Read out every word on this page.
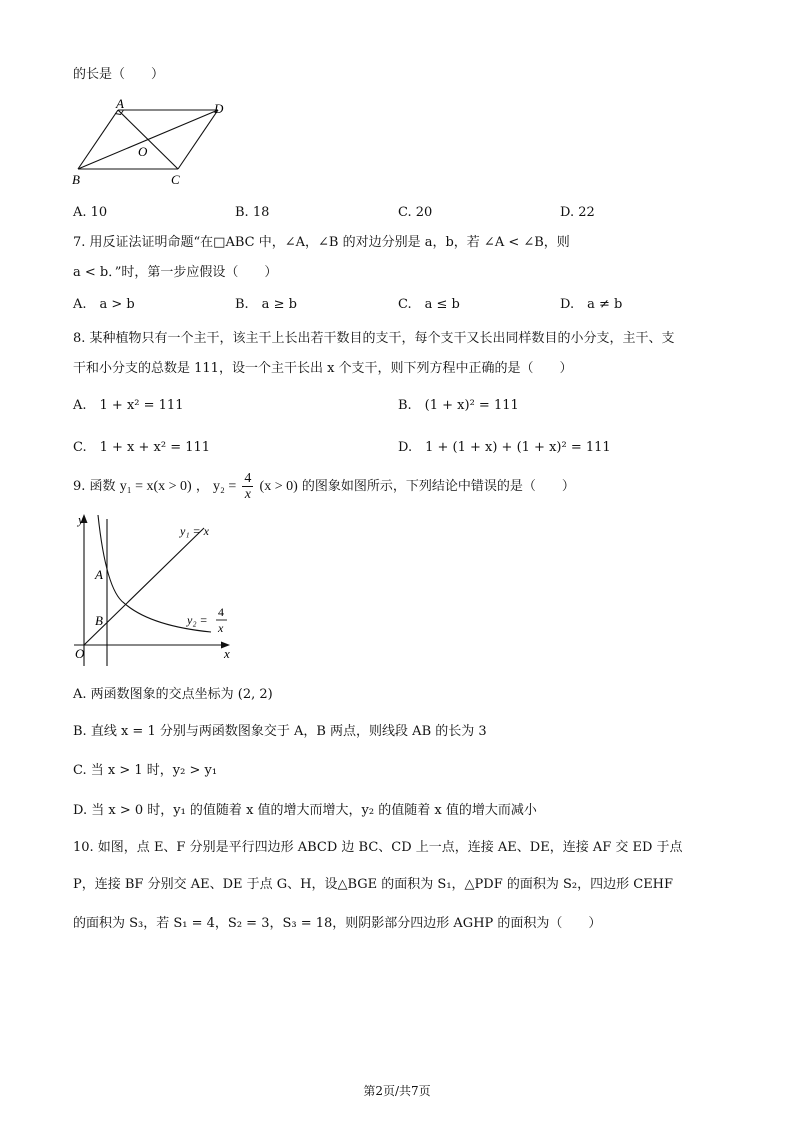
的长是（　　）
A	D
O
B	C
A. 10	B. 18	C. 20	D. 22
7. 用反证法证明命题“在□ABC 中，∠A，∠B 的对边分别是 a，b，若 ∠A < ∠B，则
a < b．”时，第一步应假设（　　）
A.　a > b	B.　a ≥ b	C.　a ≤ b	D.　a ≠ b
8. 某种植物只有一个主干，该主干上长出若干数目的支干，每个支干又长出同样数目的小分支，主干、支
干和小分支的总数是 111，设一个主干长出 x 个支干，则下列方程中正确的是（　　）
A.　1 + x² = 111	B.　(1 + x)² = 111
C.　1 + x + x² = 111	D.　1 + (1 + x) + (1 + x)² = 111
9. 函数 y₁ = x(x > 0) ， $y_2 = \frac{4}{x} (x > 0)$ 的图象如图所示，下列结论中错误的是（　　）
y
x
O
A
B
y₁ = x
y₂ =
4
x
A. 两函数图象的交点坐标为 (2, 2)
B. 直线 x = 1 分别与两函数图象交于 A，B 两点，则线段 AB 的长为 3
C. 当 x > 1 时，y₂ > y₁
D. 当 x > 0 时，y₁ 的值随着 x 值的增大而增大，y₂ 的值随着 x 值的增大而减小
10. 如图，点 E、F 分别是平行四边形 ABCD 边 BC、CD 上一点，连接 AE、DE，连接 AF 交 ED 于点
P，连接 BF 分别交 AE、DE 于点 G、H，设△BGE 的面积为 S₁，△PDF 的面积为 S₂，四边形 CEHF
的面积为 S₃，若 S₁ = 4，S₂ = 3，S₃ = 18，则阴影部分四边形 AGHP 的面积为（　　）
第2页/共7页
